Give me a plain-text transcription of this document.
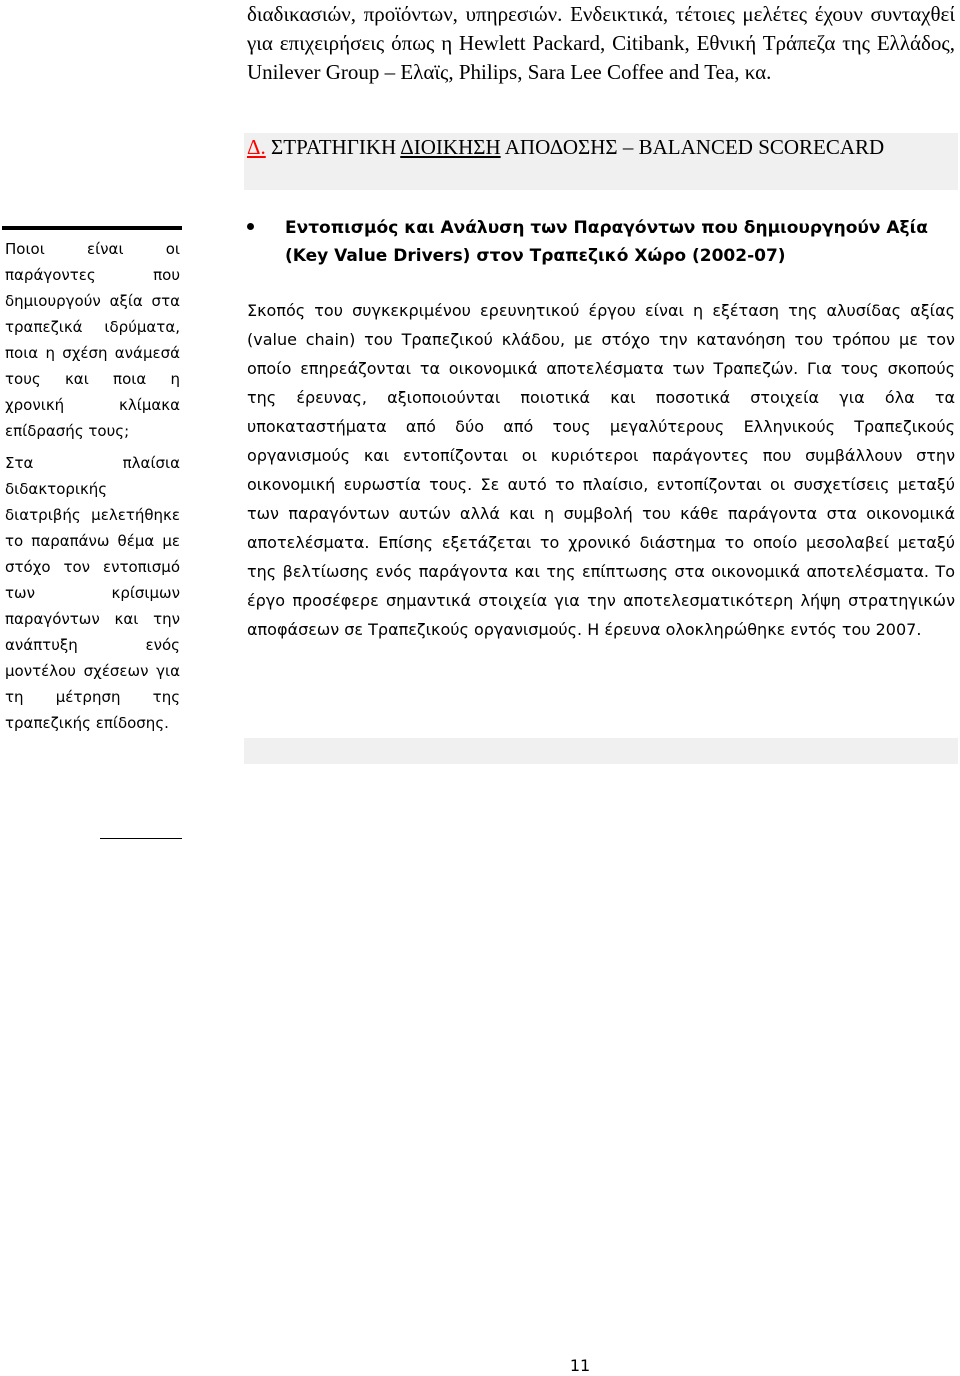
διαδικασιών, προϊόντων, υπηρεσιών. Ενδεικτικά, τέτοιες μελέτες έχουν συνταχθεί για επιχειρήσεις όπως η Hewlett Packard, Citibank, Εθνική Τράπεζα της Ελλάδος, Unilever Group – Ελαϊς, Philips, Sara Lee Coffee and Tea, κα.

Δ. ΣΤΡΑΤΗΓΙΚΗ ΔΙΟΙΚΗΣΗ ΑΠΟΔΟΣΗΣ – BALANCED SCORECARD

Ποιοι είναι οι παράγοντες που δημιουργούν αξία στα τραπεζικά ιδρύματα, ποια η σχέση ανάμεσά τους και ποια η χρονική κλίμακα επίδρασής τους;

Στα πλαίσια διδακτορικής διατριβής μελετήθηκε το παραπάνω θέμα με στόχο τον εντοπισμό των κρίσιμων παραγόντων και την ανάπτυξη ενός μοντέλου σχέσεων για τη μέτρηση της τραπεζικής επίδοσης.

Εντοπισμός και Ανάλυση των Παραγόντων που δημιουργηούν Αξία (Key Value Drivers) στον Τραπεζικό Χώρο (2002-07)

Σκοπός του συγκεκριμένου ερευνητικού έργου είναι η εξέταση της αλυσίδας αξίας (value chain) του Τραπεζικού κλάδου, με στόχο την κατανόηση του τρόπου με τον οποίο επηρεάζονται τα οικονομικά αποτελέσματα των Τραπεζών. Για τους σκοπούς της έρευνας, αξιοποιούνται ποιοτικά και ποσοτικά στοιχεία για όλα τα υποκαταστήματα από δύο από τους μεγαλύτερους Ελληνικούς Τραπεζικούς οργανισμούς και εντοπίζονται οι κυριότεροι παράγοντες που συμβάλλουν στην οικονομική ευρωστία τους. Σε αυτό το πλαίσιο, εντοπίζονται οι συσχετίσεις μεταξύ των παραγόντων αυτών αλλά και η συμβολή του κάθε παράγοντα στα οικονομικά αποτελέσματα. Επίσης εξετάζεται το χρονικό διάστημα το οποίο μεσολαβεί μεταξύ της βελτίωσης ενός παράγοντα και της επίπτωσης στα οικονομικά αποτελέσματα. Το έργο προσέφερε σημαντικά στοιχεία για την αποτελεσματικότερη λήψη στρατηγικών αποφάσεων σε Τραπεζικούς οργανισμούς. Η έρευνα ολοκληρώθηκε εντός του 2007.

11
